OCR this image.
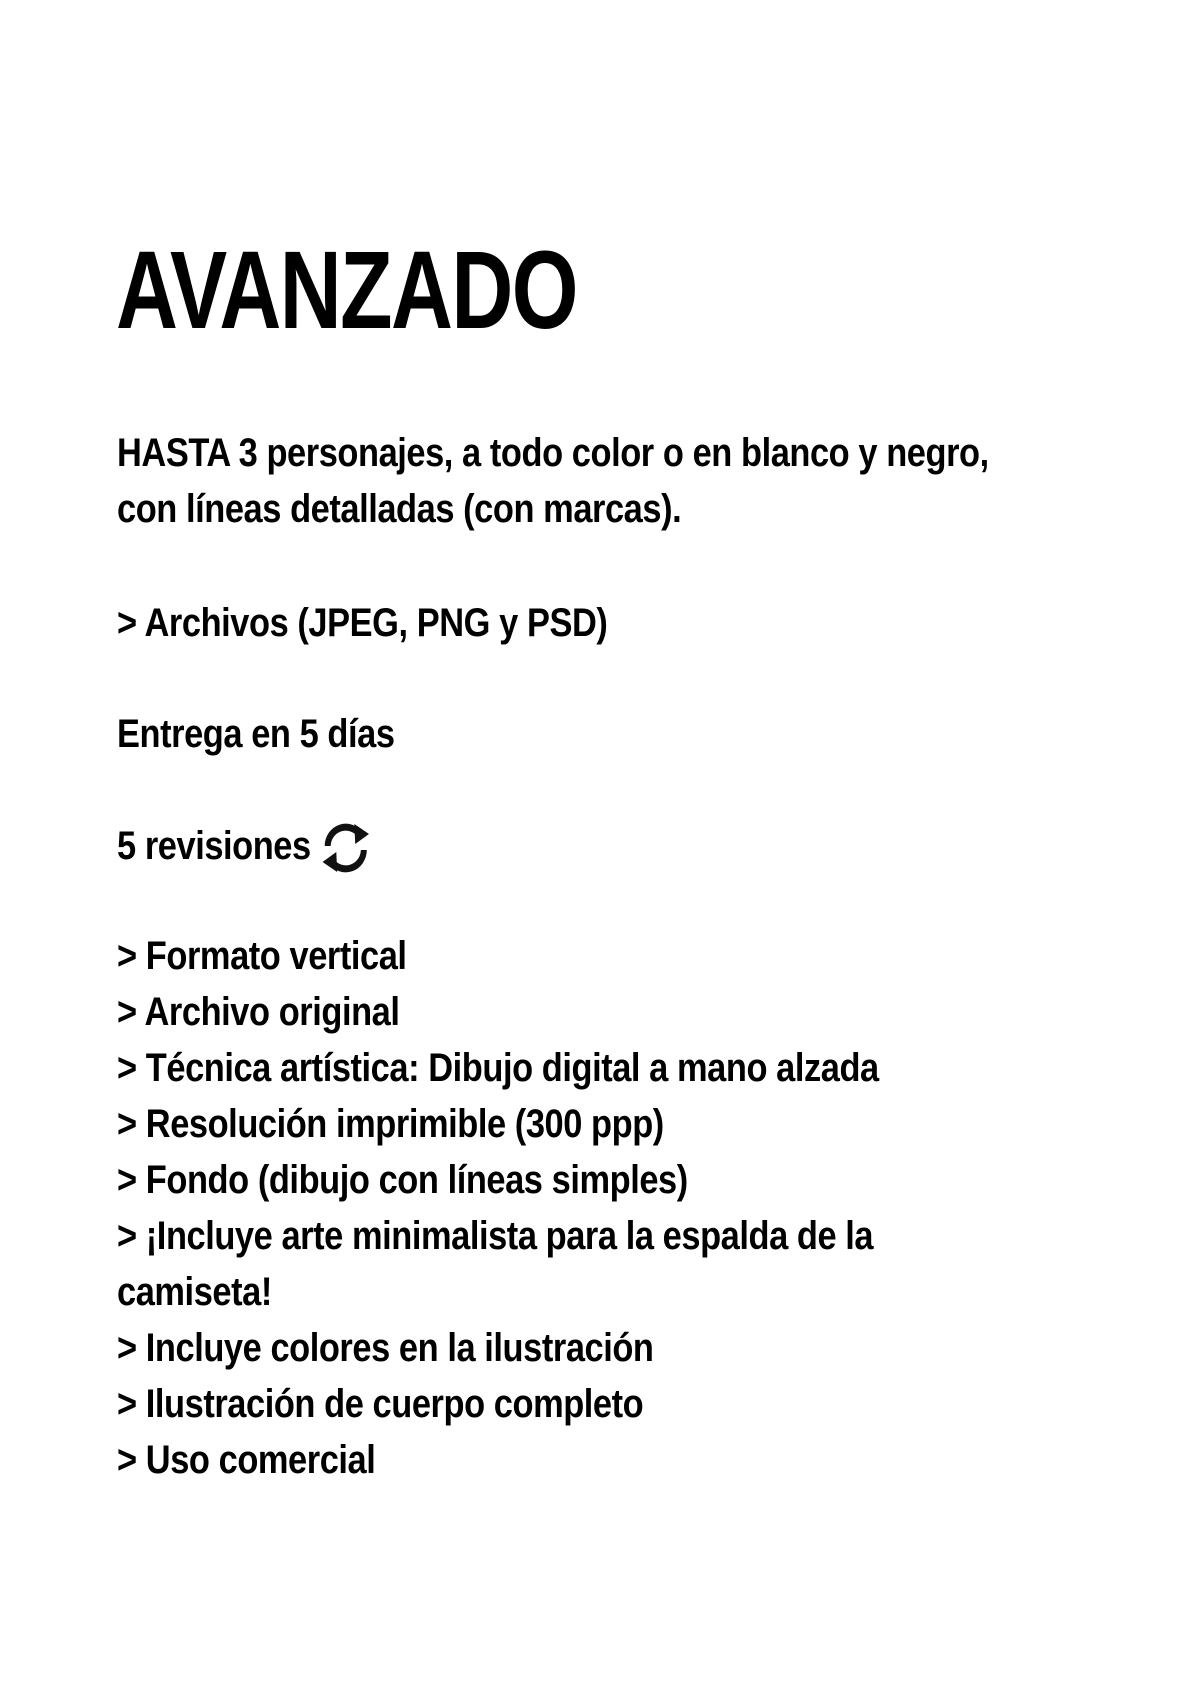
AVANZADO

HASTA 3 personajes, a todo color o en blanco y negro,

con líneas detalladas (con marcas).

> Archivos (JPEG, PNG y PSD)

Entrega en 5 días

5 revisiones

> Formato vertical

> Archivo original

> Técnica artística: Dibujo digital a mano alzada

> Resolución imprimible (300 ppp)

> Fondo (dibujo con líneas simples)

> ¡Incluye arte minimalista para la espalda de la

camiseta!

> Incluye colores en la ilustración

> Ilustración de cuerpo completo

> Uso comercial
